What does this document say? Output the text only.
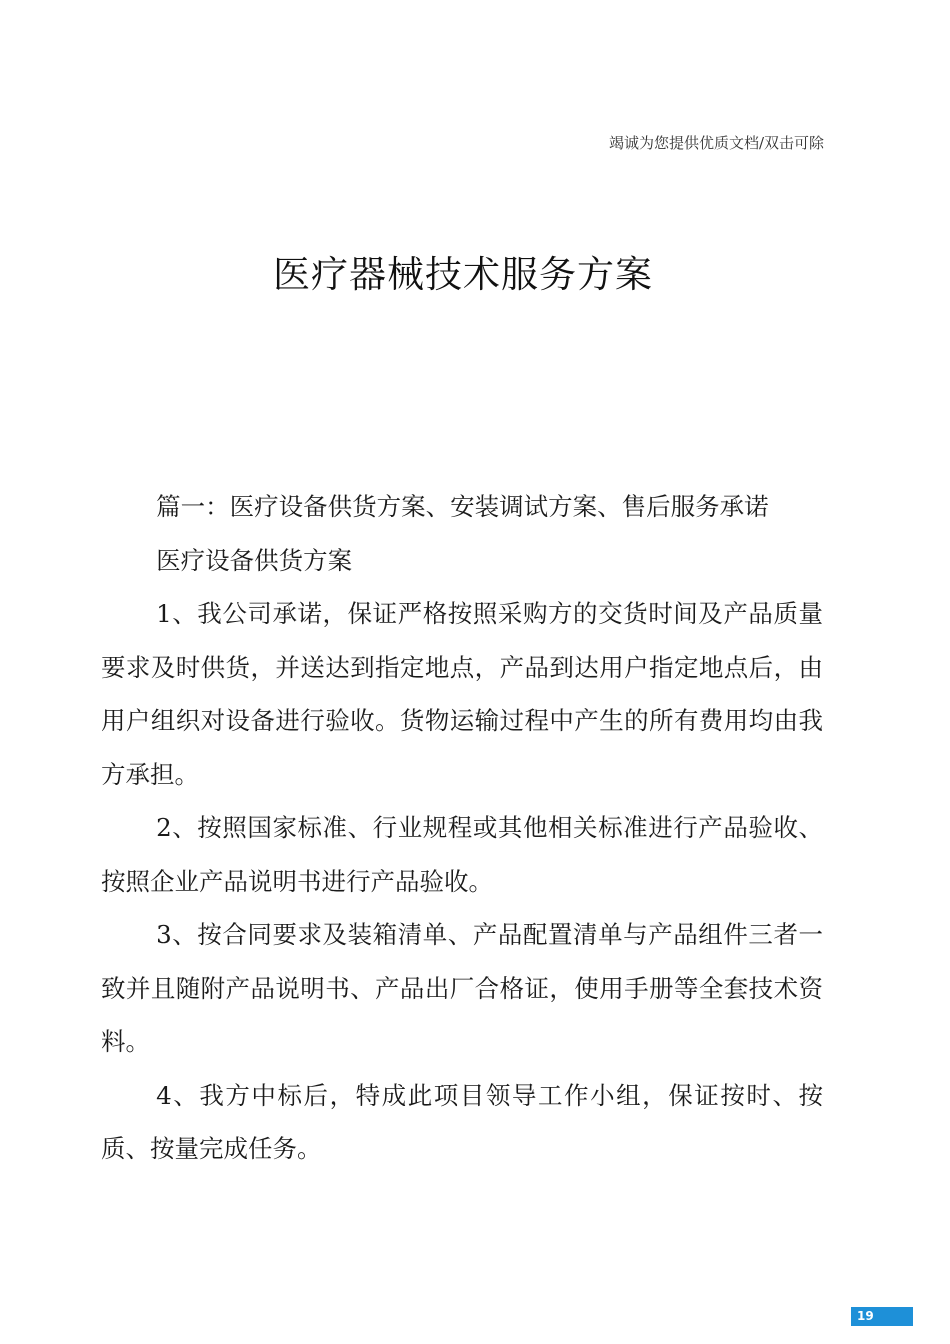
竭诚为您提供优质文档/双击可除
医疗器械技术服务方案

篇一：医疗设备供货方案、安装调试方案、售后服务承诺

医疗设备供货方案

1、我公司承诺，保证严格按照采购方的交货时间及产品质量要求及时供货，并送达到指定地点，产品到达用户指定地点后，由用户组织对设备进行验收。货物运输过程中产生的所有费用均由我方承担。

2、按照国家标准、行业规程或其他相关标准进行产品验收、按照企业产品说明书进行产品验收。

3、按合同要求及装箱清单、产品配置清单与产品组件三者一致并且随附产品说明书、产品出厂合格证，使用手册等全套技术资料。

4、我方中标后，特成此项目领导工作小组，保证按时、按质、按量完成任务。

19
